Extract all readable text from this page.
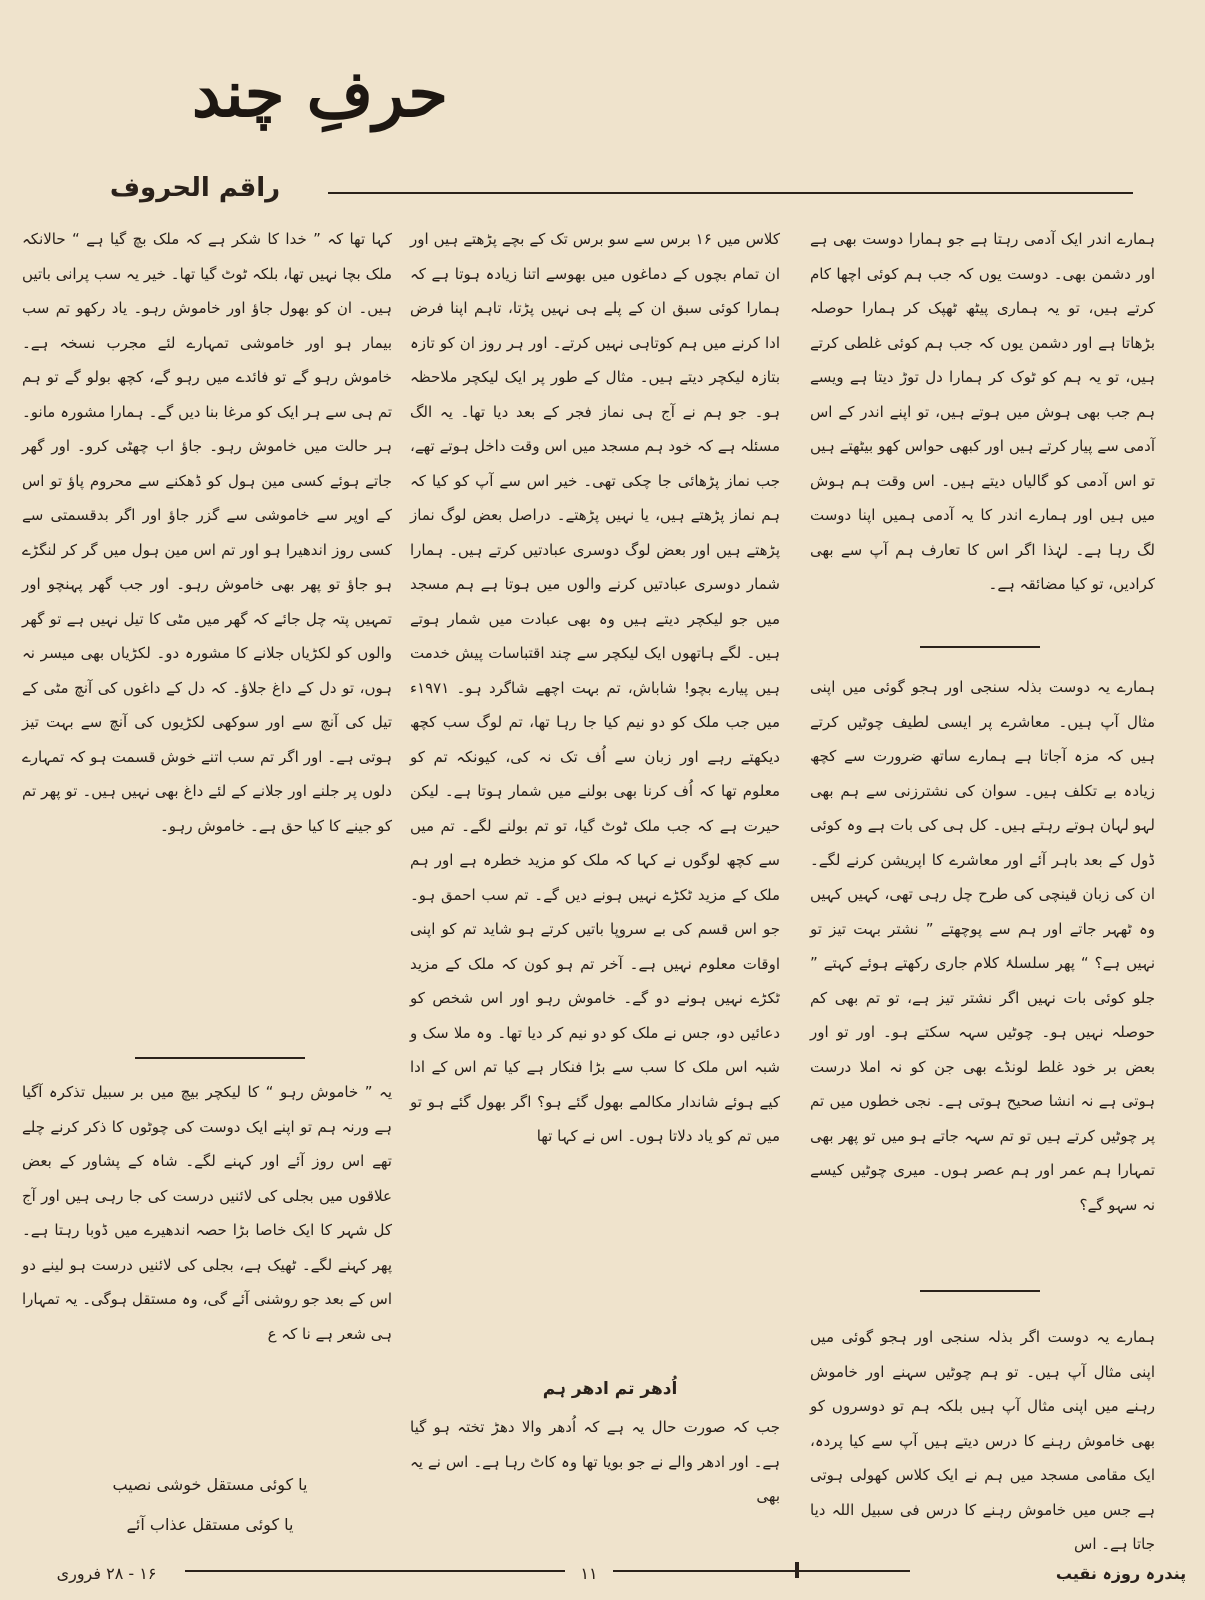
حرفِ چند
راقم الحروف

ہمارے اندر ایک آدمی رہتا ہے جو ہمارا دوست بھی ہے اور دشمن بھی۔ دوست یوں کہ جب ہم کوئی اچھا کام کرتے ہیں، تو یہ ہماری پیٹھ ٹھپک کر ہمارا حوصلہ بڑھاتا ہے اور دشمن یوں کہ جب ہم کوئی غلطی کرتے ہیں، تو یہ ہم کو ٹوک کر ہمارا دل توڑ دیتا ہے ویسے ہم جب بھی ہوش میں ہوتے ہیں، تو اپنے اندر کے اس آدمی سے پیار کرتے ہیں اور کبھی حواس کھو بیٹھتے ہیں تو اس آدمی کو گالیاں دیتے ہیں۔ اس وقت ہم ہوش میں ہیں اور ہمارے اندر کا یہ آدمی ہمیں اپنا دوست لگ رہا ہے۔ لہٰذا اگر اس کا تعارف ہم آپ سے بھی کرادیں، تو کیا مضائقہ ہے۔

ہمارے یہ دوست بذلہ سنجی اور ہجو گوئی میں اپنی مثال آپ ہیں۔ معاشرے پر ایسی لطیف چوٹیں کرتے ہیں کہ مزہ آجاتا ہے ہمارے ساتھ ضرورت سے کچھ زیادہ بے تکلف ہیں۔ سوان کی نشترزنی سے ہم بھی لہو لہان ہوتے رہتے ہیں۔ کل ہی کی بات ہے وہ کوئی ڈول کے بعد باہر آئے اور معاشرے کا اپریشن کرنے لگے۔ ان کی زبان قینچی کی طرح چل رہی تھی، کہیں کہیں وہ ٹھہر جاتے اور ہم سے پوچھتے ” نشتر بہت تیز تو نہیں ہے؟ “ پھر سلسلۂ کلام جاری رکھتے ہوئے کہتے ” جلو کوئی بات نہیں اگر نشتر تیز ہے، تو تم بھی کم حوصلہ نہیں ہو۔ چوٹیں سہہ سکتے ہو۔ اور تو اور بعض بر خود غلط لونڈے بھی جن کو نہ املا درست ہوتی ہے نہ انشا صحیح ہوتی ہے۔ نجی خطوں میں تم پر چوٹیں کرتے ہیں تو تم سہہ جاتے ہو میں تو پھر بھی تمہارا ہم عمر اور ہم عصر ہوں۔ میری چوٹیں کیسے نہ سہو گے؟

ہمارے یہ دوست اگر بذلہ سنجی اور ہجو گوئی میں اپنی مثال آپ ہیں۔ تو ہم چوٹیں سہنے اور خاموش رہنے میں اپنی مثال آپ ہیں بلکہ ہم تو دوسروں کو بھی خاموش رہنے کا درس دیتے ہیں آپ سے کیا پردہ، ایک مقامی مسجد میں ہم نے ایک کلاس کھولی ہوتی ہے جس میں خاموش رہنے کا درس فی سبیل اللہ دیا جاتا ہے۔ اس

کلاس میں ۱۶ برس سے سو برس تک کے بچے پڑھتے ہیں اور ان تمام بچوں کے دماغوں میں بھوسے اتنا زیادہ ہوتا ہے کہ ہمارا کوئی سبق ان کے پلے ہی نہیں پڑتا، تاہم اپنا فرض ادا کرنے میں ہم کوتاہی نہیں کرتے۔ اور ہر روز ان کو تازہ بتازہ لیکچر دیتے ہیں۔ مثال کے طور پر ایک لیکچر ملاحظہ ہو۔ جو ہم نے آج ہی نماز فجر کے بعد دیا تھا۔ یہ الگ مسئلہ ہے کہ خود ہم مسجد میں اس وقت داخل ہوتے تھے، جب نماز پڑھائی جا چکی تھی۔ خیر اس سے آپ کو کیا کہ ہم نماز پڑھتے ہیں، یا نہیں پڑھتے۔ دراصل بعض لوگ نماز پڑھتے ہیں اور بعض لوگ دوسری عبادتیں کرتے ہیں۔ ہمارا شمار دوسری عبادتیں کرنے والوں میں ہوتا ہے ہم مسجد میں جو لیکچر دیتے ہیں وہ بھی عبادت میں شمار ہوتے ہیں۔ لگے ہاتھوں ایک لیکچر سے چند اقتباسات پیش خدمت ہیں پیارے بچو! شاباش، تم بہت اچھے شاگرد ہو۔ ۱۹۷۱ء میں جب ملک کو دو نیم کیا جا رہا تھا، تم لوگ سب کچھ دیکھتے رہے اور زبان سے اُف تک نہ کی، کیونکہ تم کو معلوم تھا کہ اُف کرنا بھی بولنے میں شمار ہوتا ہے۔ لیکن حیرت ہے کہ جب ملک ٹوٹ گیا، تو تم بولنے لگے۔ تم میں سے کچھ لوگوں نے کہا کہ ملک کو مزید خطرہ ہے اور ہم ملک کے مزید ٹکڑے نہیں ہونے دیں گے۔ تم سب احمق ہو۔ جو اس قسم کی بے سروپا باتیں کرتے ہو شاید تم کو اپنی اوقات معلوم نہیں ہے۔ آخر تم ہو کون کہ ملک کے مزید ٹکڑے نہیں ہونے دو گے۔ خاموش رہو اور اس شخص کو دعائیں دو، جس نے ملک کو دو نیم کر دیا تھا۔ وہ ملا سک و شبہ اس ملک کا سب سے بڑا فنکار ہے کیا تم اس کے ادا کیے ہوئے شاندار مکالمے بھول گئے ہو؟ اگر بھول گئے ہو تو میں تم کو یاد دلاتا ہوں۔ اس نے کہا تھا

اُدھر تم ادھر ہم

جب کہ صورت حال یہ ہے کہ اُدھر والا دھڑ تختہ ہو گیا ہے۔ اور ادھر والے نے جو بویا تھا وہ کاٹ رہا ہے۔ اس نے یہ بھی

کہا تھا کہ ” خدا کا شکر ہے کہ ملک بچ گیا ہے “ حالانکہ ملک بچا نہیں تھا، بلکہ ٹوٹ گیا تھا۔ خیر یہ سب پرانی باتیں ہیں۔ ان کو بھول جاؤ اور خاموش رہو۔ یاد رکھو تم سب بیمار ہو اور خاموشی تمہارے لئے مجرب نسخہ ہے۔ خاموش رہو گے تو فائدے میں رہو گے، کچھ بولو گے تو ہم تم ہی سے ہر ایک کو مرغا بنا دیں گے۔ ہمارا مشورہ مانو۔ ہر حالت میں خاموش رہو۔ جاؤ اب چھٹی کرو۔ اور گھر جاتے ہوئے کسی مین ہول کو ڈھکنے سے محروم پاؤ تو اس کے اوپر سے خاموشی سے گزر جاؤ اور اگر بدقسمتی سے کسی روز اندھیرا ہو اور تم اس مین ہول میں گر کر لنگڑے ہو جاؤ تو پھر بھی خاموش رہو۔ اور جب گھر پہنچو اور تمہیں پتہ چل جائے کہ گھر میں مٹی کا تیل نہیں ہے تو گھر والوں کو لکڑیاں جلانے کا مشورہ دو۔ لکڑیاں بھی میسر نہ ہوں، تو دل کے داغ جلاؤ۔ کہ دل کے داغوں کی آنچ مٹی کے تیل کی آنچ سے اور سوکھی لکڑیوں کی آنچ سے بہت تیز ہوتی ہے۔ اور اگر تم سب اتنے خوش قسمت ہو کہ تمہارے دلوں پر جلنے اور جلانے کے لئے داغ بھی نہیں ہیں۔ تو پھر تم کو جینے کا کیا حق ہے۔ خاموش رہو۔

یہ ” خاموش رہو “ کا لیکچر بیچ میں بر سبیل تذکرہ آگیا ہے ورنہ ہم تو اپنے ایک دوست کی چوٹوں کا ذکر کرنے چلے تھے اس روز آئے اور کہنے لگے۔ شاہ کے پشاور کے بعض علاقوں میں بجلی کی لائنیں درست کی جا رہی ہیں اور آج کل شہر کا ایک خاصا بڑا حصہ اندھیرے میں ڈوبا رہتا ہے۔ پھر کہنے لگے۔ ٹھیک ہے، بجلی کی لائنیں درست ہو لینے دو اس کے بعد جو روشنی آئے گی، وہ مستقل ہوگی۔ یہ تمہارا ہی شعر ہے نا کہ ع

یا کوئی مستقل خوشی نصیب
یا کوئی مستقل عذاب آئے
۱۶ - ۲۸ فروری	۱۱	پندرہ روزہ نقیب
